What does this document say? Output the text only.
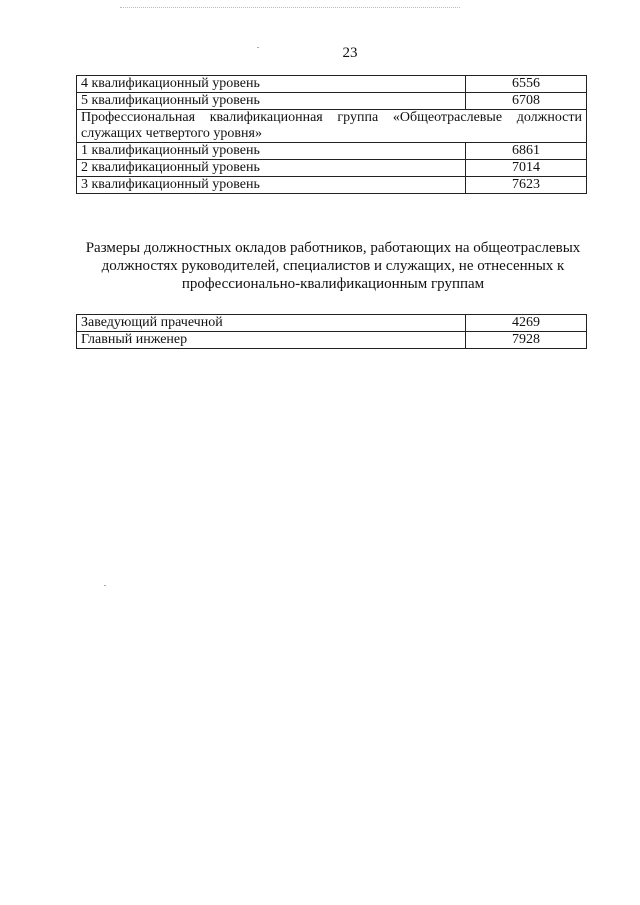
23
4 квалификационный уровень	6556
5 квалификационный уровень	6708
Профессиональная квалификационная группа «Общеотраслевые должности служащих четвертого уровня»	
1 квалификационный уровень	6861
2 квалификационный уровень	7014
3 квалификационный уровень	7623
Размеры должностных окладов работников, работающих на общеотраслевых должностях руководителей, специалистов и служащих, не отнесенных к профессионально-квалификационным группам
Заведующий прачечной	4269
Главный инженер	7928
